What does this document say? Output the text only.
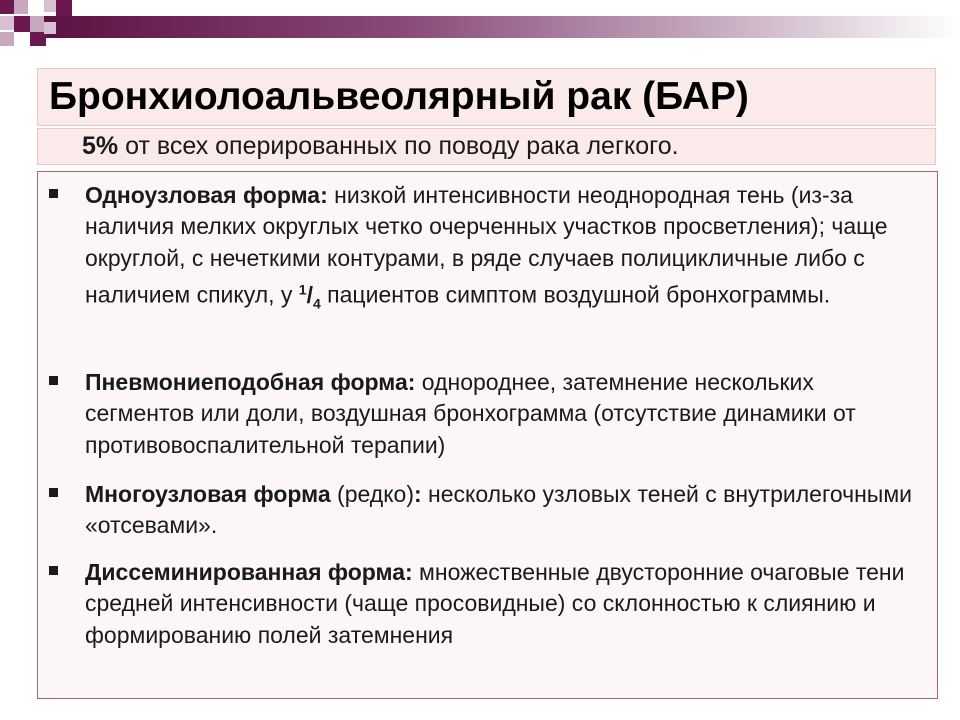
Бронхиолоальвеолярный рак (БАР)
5% от всех оперированных по поводу рака легкого.
Одноузловая форма: низкой интенсивности неоднородная тень (из-за наличия мелких округлых четко очерченных участков просветления); чаще округлой, с нечеткими контурами, в ряде случаев полицикличные либо с наличием спикул, у $^1/_4$ пациентов симптом воздушной бронхограммы.
Пневмониеподобная форма: однороднее, затемнение нескольких сегментов или доли, воздушная бронхограмма (отсутствие динамики от противовоспалительной терапии)
Многоузловая форма (редко): несколько узловых теней с внутрилегочными «отсевами».
Диссеминированная форма: множественные двусторонние очаговые тени средней интенсивности (чаще просовидные) со склонностью к слиянию и формированию полей затемнения
